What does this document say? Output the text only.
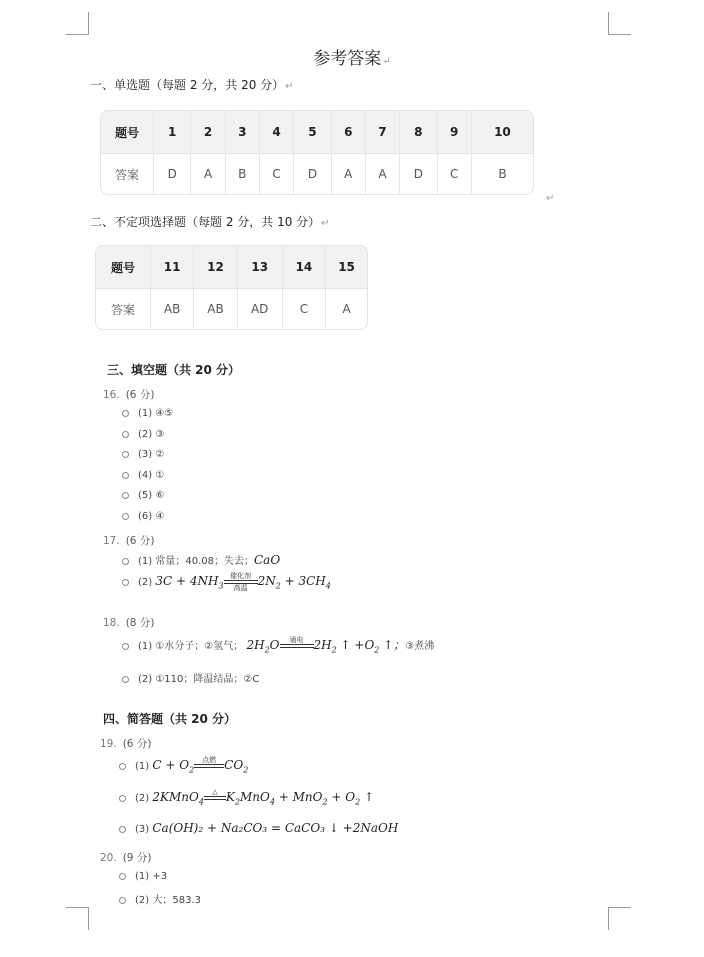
参考答案↵
一、单选题（每题 2 分，共 20 分）↵
题号	1	2	3	4	5	6	7	8	9	10
答案	D	A	B	C	D	A	A	D	C	B
↵
二、不定项选择题（每题 2 分，共 10 分）↵
题号	11	12	13	14	15
答案	AB	AB	AD	C	A
三、填空题（共 20 分）
16. (6 分)
(1) ④⑤
(2) ③
(3) ②
(4) ①
(5) ⑥
(6) ④
17. (6 分)
(1) 常量；40.08；失去；CaO
(2) $3C + 4NH_3$
催化剂
高温 $2N_2 + 3CH_4$
18. (8 分)
(1) ①水分子；②氢气； $2H_2O$	通电
$2H_2$ ↑ $+O_2$ ↑；③煮沸
(2) ①110；降温结晶；②C
四、简答题（共 20 分）
19. (6 分)
(1) $C + O_2$
点燃
$CO_2$
(2) 2KMnO$_4$
△
$K_2MnO_4 + MnO_2 + O_2$ ↑
(3) Ca(OH)₂ + Na₂CO₃ = CaCO₃ ↓ +2NaOH
20. (9 分)
(1) +3
(2) 大；583.3
